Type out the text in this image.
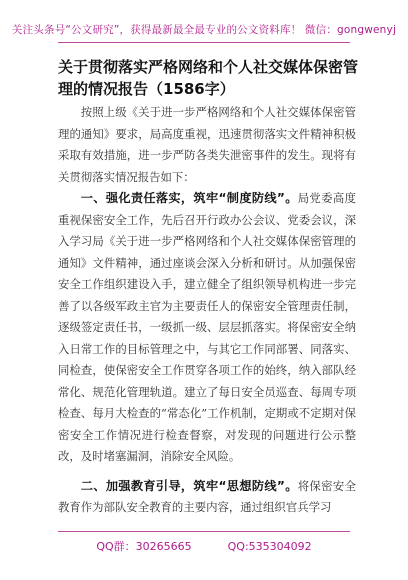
关注头条号“公文研究”，获得最新最全最专业的公文资料库！ 微信：gongwenyj
关于贯彻落实严格网络和个人社交媒体保密管理的情况报告（1586字）

按照上级《关于进一步严格网络和个人社交媒体保密管理的通知》要求，局高度重视，迅速贯彻落实文件精神积极采取有效措施，进一步严防各类失泄密事件的发生。现将有关贯彻落实情况报告如下：

一、强化责任落实，筑牢“制度防线”。局党委高度重视保密安全工作，先后召开行政办公会议、党委会议，深入学习局《关于进一步严格网络和个人社交媒体保密管理的通知》文件精神，通过座谈会深入分析和研讨。从加强保密安全工作组织建设入手，建立健全了组织领导机构进一步完善了以各级军政主官为主要责任人的保密安全管理责任制，逐级签定责任书，一级抓一级、层层抓落实。将保密安全纳入日常工作的目标管理之中，与其它工作同部署、同落实、同检查，使保密安全工作贯穿各项工作的始终，纳入部队经常化、规范化管理轨道。建立了每日安全员巡查、每周专项检查、每月大检查的“常态化”工作机制，定期或不定期对保密安全工作情况进行检查督察，对发现的问题进行公示整改，及时堵塞漏洞，消除安全风险。

二、加强教育引导，筑牢“思想防线”。将保密安全教育作为部队安全教育的主要内容，通过组织官兵学习

QQ群：30265665	QQ:535304092
